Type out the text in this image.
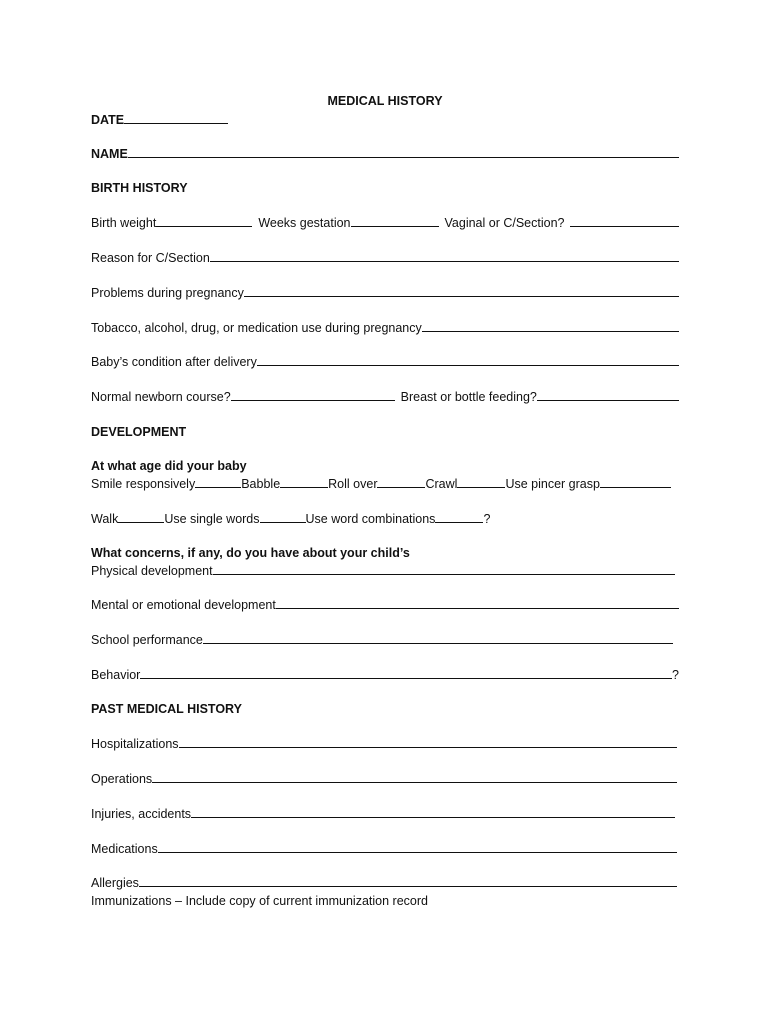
MEDICAL HISTORY
DATE
NAME
BIRTH HISTORY
Birth weight	Weeks gestation	Vaginal or C/Section?
Reason for C/Section
Problems during pregnancy
Tobacco, alcohol, drug, or medication use during pregnancy
Baby’s condition after delivery
Normal newborn course?	Breast or bottle feeding?
DEVELOPMENT
At what age did your baby
Smile responsively	Babble	Roll over	Crawl	Use pincer grasp
Walk	Use single words	Use word combinations	?
What concerns, if any, do you have about your child’s
Physical development
Mental or emotional development
School performance
Behavior	?
PAST MEDICAL HISTORY
Hospitalizations
Operations
Injuries, accidents
Medications
Allergies
Immunizations – Include copy of current immunization record
